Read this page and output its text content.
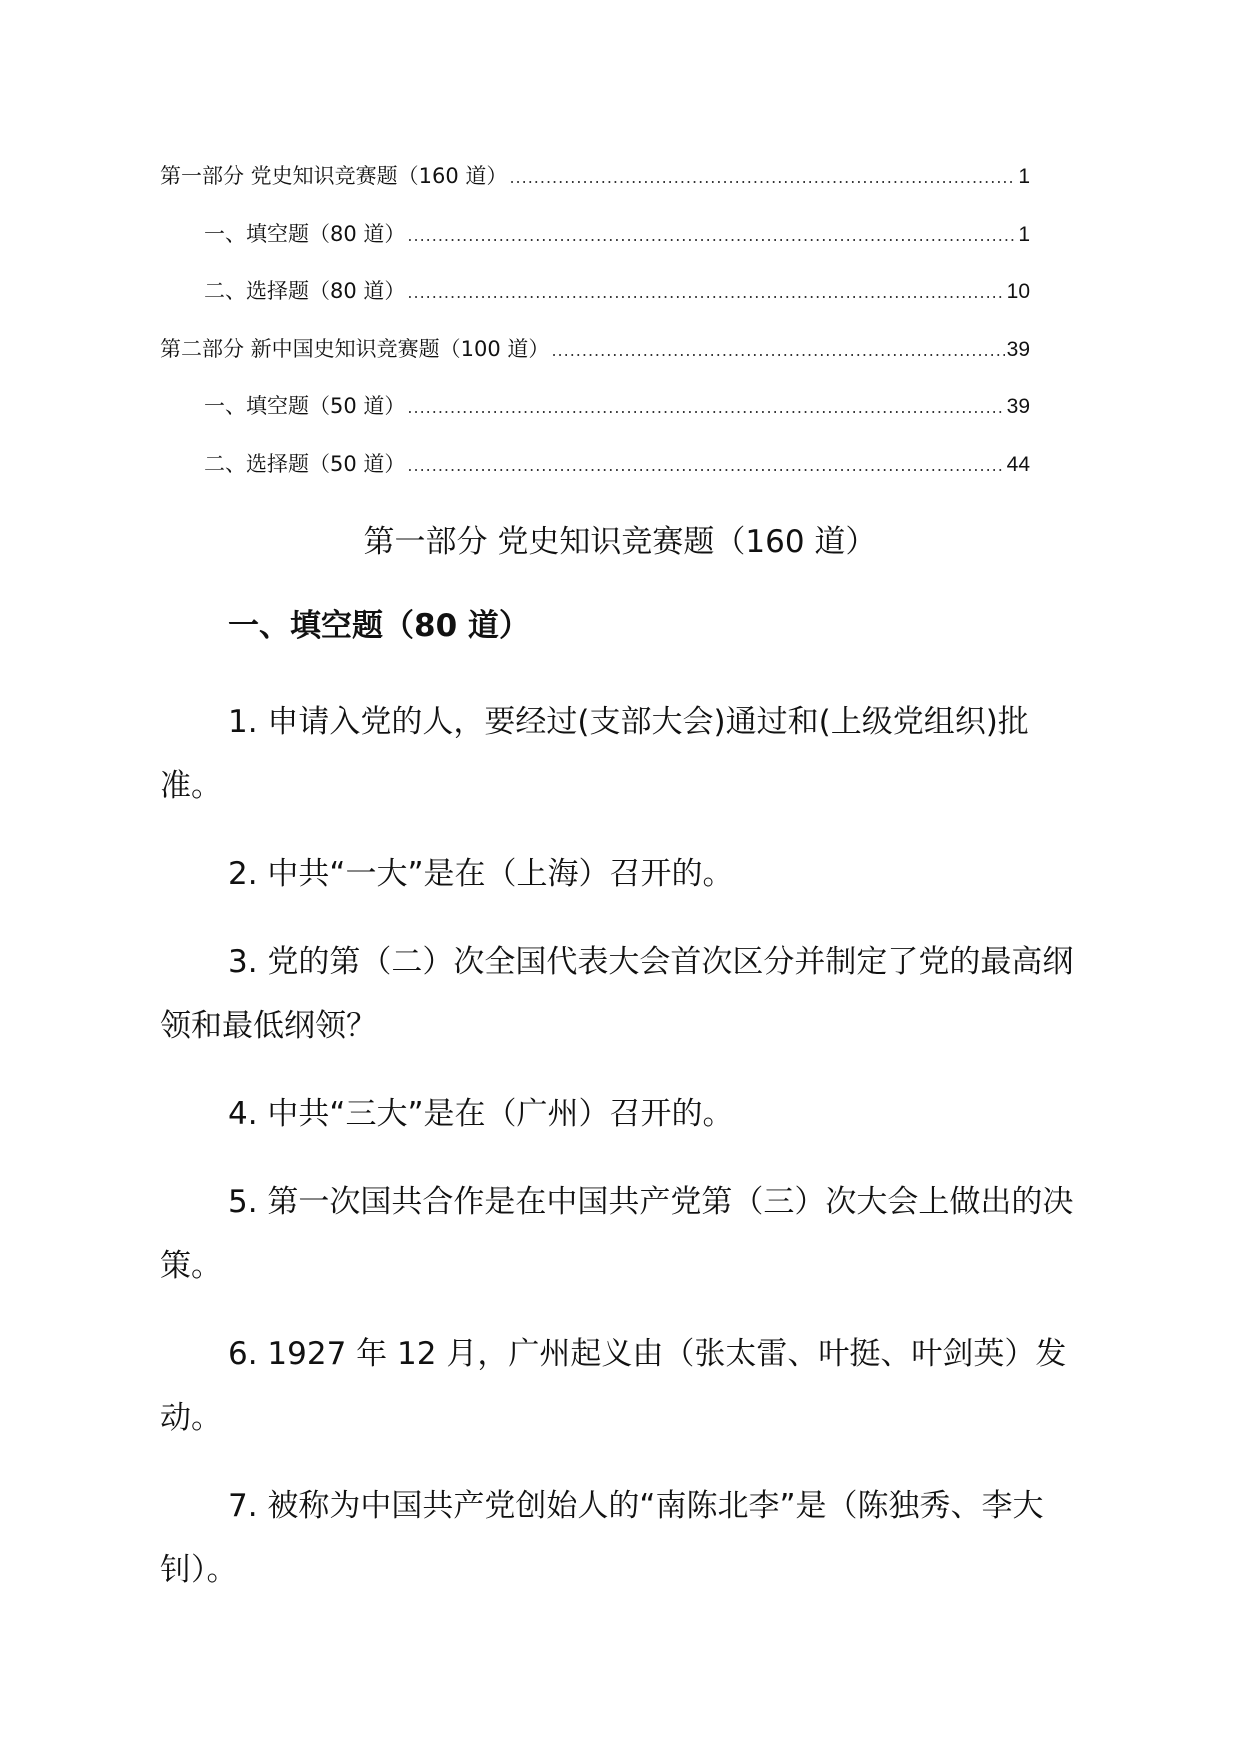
第一部分 党史知识竞赛题（160 道） .....	1
一、填空题（80 道） .....	1
二、选择题（80 道） .....	10
第二部分 新中国史知识竞赛题（100 道） .....	39
一、填空题（50 道） .....	39
二、选择题（50 道） .....	44
第一部分 党史知识竞赛题（160 道）
一、填空题（80 道）

1. 申请入党的人，要经过(支部大会)通过和(上级党组织)批准。

2. 中共“一大”是在（上海）召开的。

3. 党的第（二）次全国代表大会首次区分并制定了党的最高纲领和最低纲领？

4. 中共“三大”是在（广州）召开的。

5. 第一次国共合作是在中国共产党第（三）次大会上做出的决策。

6. 1927 年 12 月，广州起义由（张太雷、叶挺、叶剑英）发动。

7. 被称为中国共产党创始人的“南陈北李”是（陈独秀、李大钊）。
